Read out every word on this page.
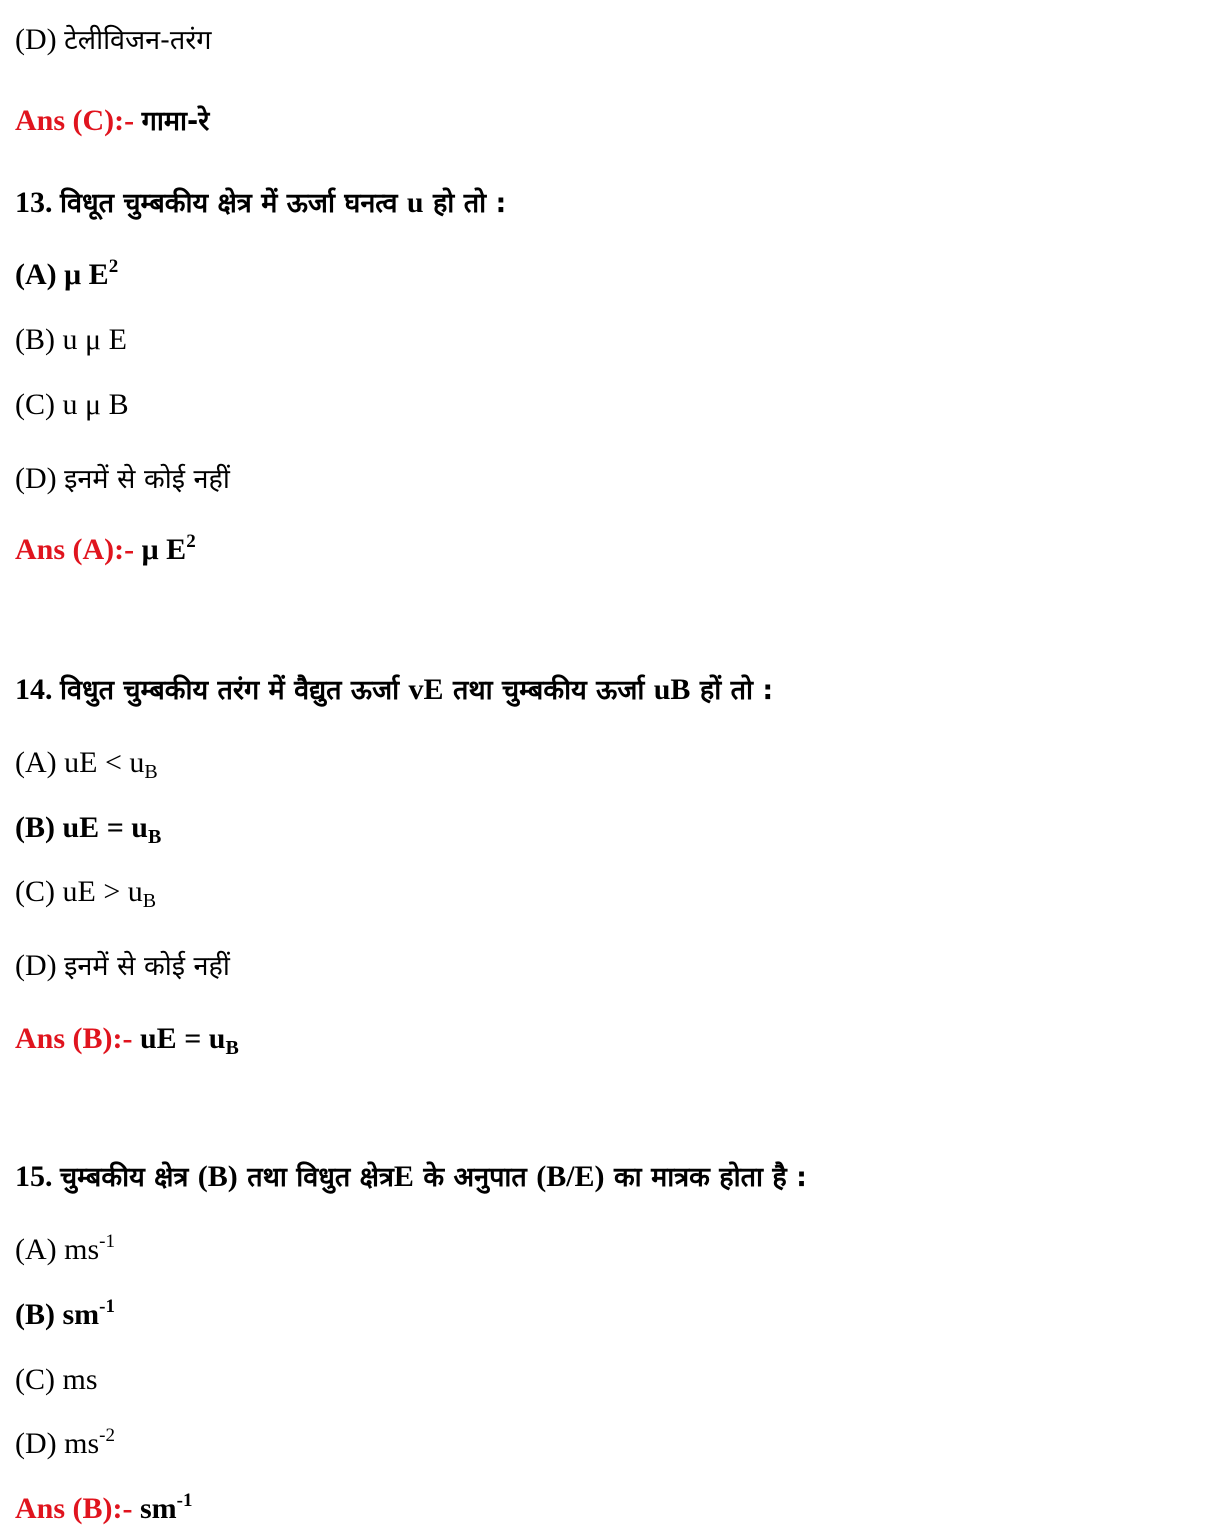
(D) टेलीविजन-तरंग
Ans (C):- गामा-रे
13. विधूत चुम्बकीय क्षेत्र में ऊर्जा घनत्व u हो तो :
(A) μ $E^2$
(B) u μ E
(C) u μ B
(D) इनमें से कोई नहीं
Ans (A):- μ $E^2$
14. विधुत चुम्बकीय तरंग में वैद्युत ऊर्जा vE तथा चुम्बकीय ऊर्जा uB हों तो :
(A) uE < $u_B$
(B) uE = $u_B$
(C) uE > $u_B$
(D) इनमें से कोई नहीं
Ans (B):- uE = $u_B$
15. चुम्बकीय क्षेत्र (B) तथा विधुत क्षेत्रE के अनुपात (B/E) का मात्रक होता है :
(A) $ms^{-1}$
(B) $sm^{-1}$
(C) ms
(D) $ms^{-2}$
Ans (B):- $sm^{-1}$
